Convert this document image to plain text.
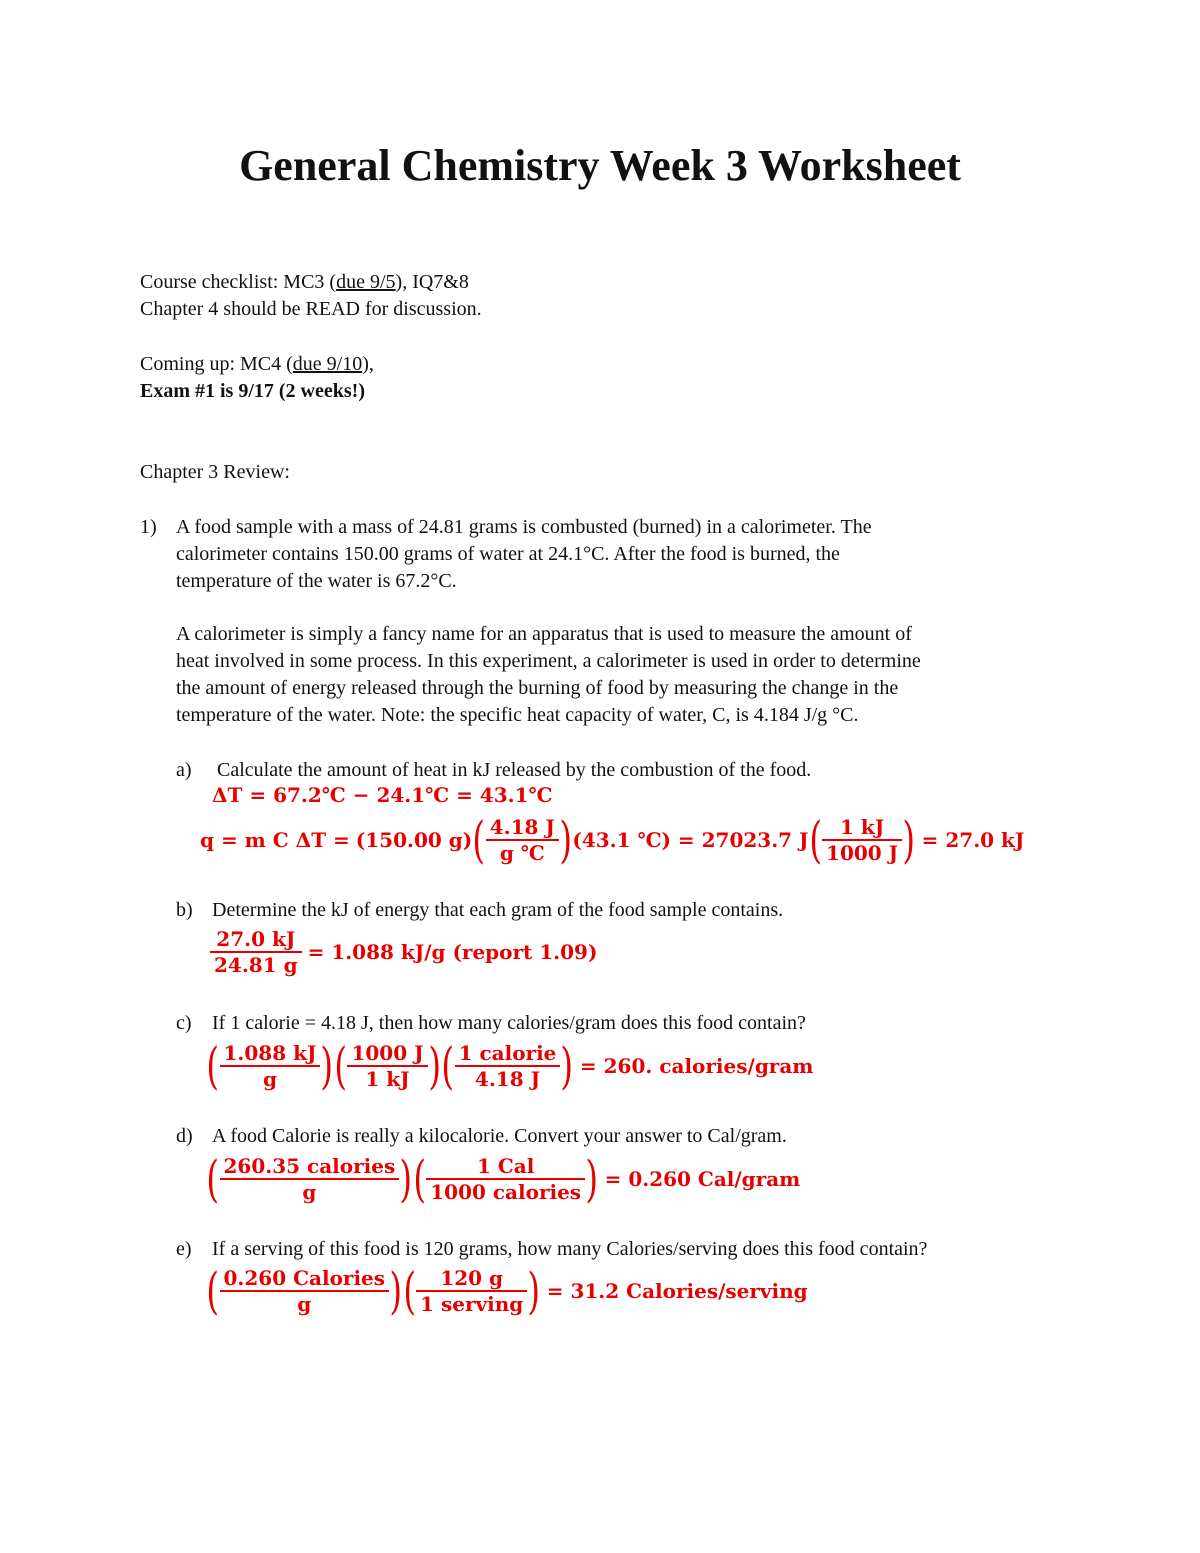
General Chemistry Week 3 Worksheet
Course checklist: MC3 (due 9/5), IQ7&8
Chapter 4 should be READ for discussion.
Coming up: MC4 (due 9/10),
Exam #1 is 9/17 (2 weeks!)
Chapter 3 Review:
1) A food sample with a mass of 24.81 grams is combusted (burned) in a calorimeter. The
calorimeter contains 150.00 grams of water at 24.1°C. After the food is burned, the
temperature of the water is 67.2°C.
A calorimeter is simply a fancy name for an apparatus that is used to measure the amount of
heat involved in some process. In this experiment, a calorimeter is used in order to determine
the amount of energy released through the burning of food by measuring the change in the
temperature of the water. Note: the specific heat capacity of water, C, is 4.184 J/g °C.
a) Calculate the amount of heat in kJ released by the combustion of the food.
ΔT = 67.2℃ − 24.1℃ = 43.1℃
q = m C ΔT = (150.00 g) ( $\frac{4.18 J}{g ℃}$ ) (43.1 ℃) = 27023.7 J ( $\frac{1 kJ}{1000 J}$ ) = 27.0 kJ
b) Determine the kJ of energy that each gram of the food sample contains.
$\frac{27.0 kJ}{24.81 g} = 1.088$ kJ/g (report 1.09)
c) If 1 calorie = 4.18 J, then how many calories/gram does this food contain?
( $\frac{1.088 kJ}{g}$ ) ( $\frac{1000 J}{1 kJ}$ ) ( $\frac{\text{1 calorie}}{4.18 J}$ ) = 260. calories/gram
d) A food Calorie is really a kilocalorie. Convert your answer to Cal/gram.
( $\frac{\text{260.35 calories}}{g}$ ) ( $\frac{\text{1 Cal}}{\text{1000 calories}}$ ) = 0.260 Cal/gram
e) If a serving of this food is 120 grams, how many Calories/serving does this food contain?
( $\frac{\text{0.260 Calories}}{g}$ ) ( $\frac{120 g}{\text{1 serving}}$ ) = 31.2 Calories/serving
